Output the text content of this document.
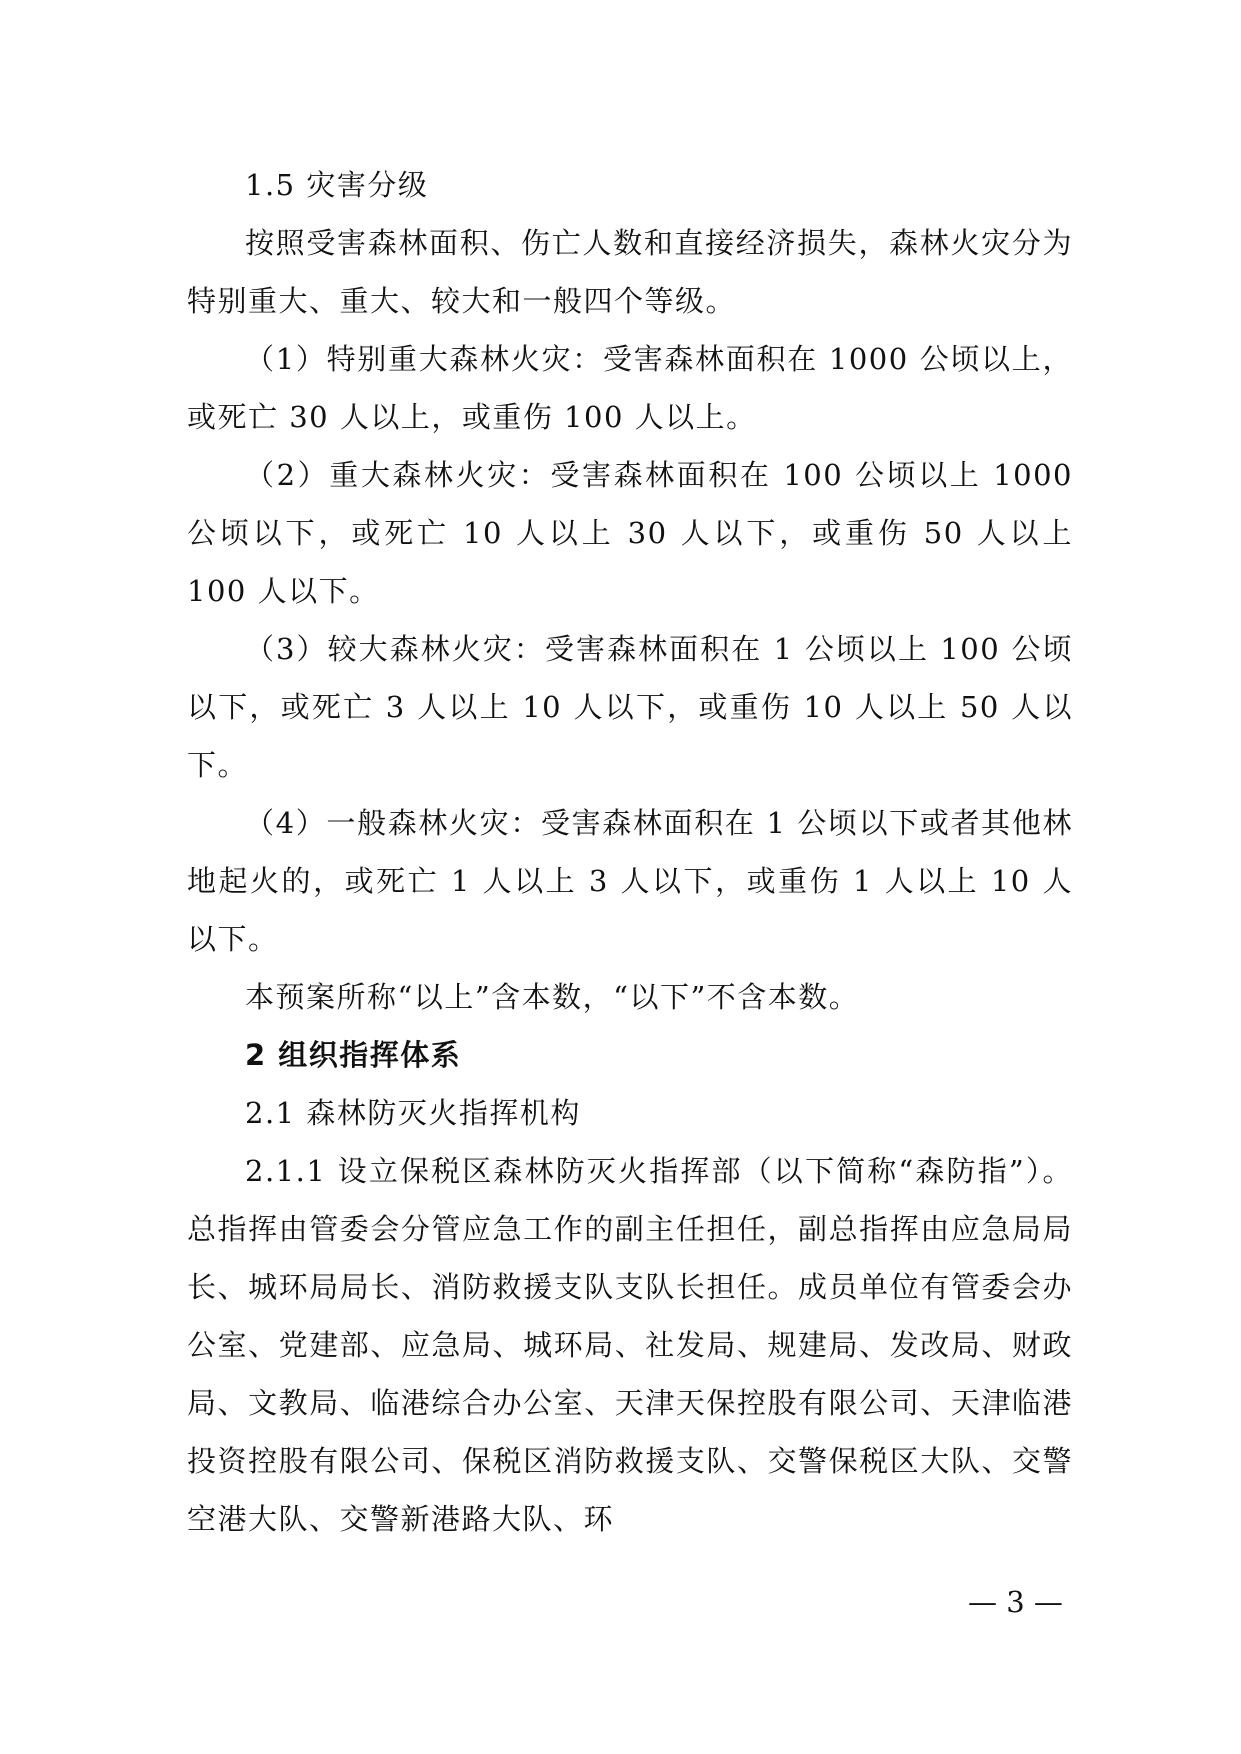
1.5 灾害分级

按照受害森林面积、伤亡人数和直接经济损失，森林火灾分为特别重大、重大、较大和一般四个等级。

（1）特别重大森林火灾：受害森林面积在 1000 公顷以上，或死亡 30 人以上，或重伤 100 人以上。

（2）重大森林火灾：受害森林面积在 100 公顷以上 1000 公顷以下，或死亡 10 人以上 30 人以下，或重伤 50 人以上 100 人以下。

（3）较大森林火灾：受害森林面积在 1 公顷以上 100 公顷以下，或死亡 3 人以上 10 人以下，或重伤 10 人以上 50 人以下。

（4）一般森林火灾：受害森林面积在 1 公顷以下或者其他林地起火的，或死亡 1 人以上 3 人以下，或重伤 1 人以上 10 人以下。

本预案所称“以上”含本数，“以下”不含本数。

2 组织指挥体系

2.1 森林防灭火指挥机构

2.1.1 设立保税区森林防灭火指挥部（以下简称“森防指”）。总指挥由管委会分管应急工作的副主任担任，副总指挥由应急局局长、城环局局长、消防救援支队支队长担任。成员单位有管委会办公室、党建部、应急局、城环局、社发局、规建局、发改局、财政局、文教局、临港综合办公室、天津天保控股有限公司、天津临港投资控股有限公司、保税区消防救援支队、交警保税区大队、交警空港大队、交警新港路大队、环

— 3 —
